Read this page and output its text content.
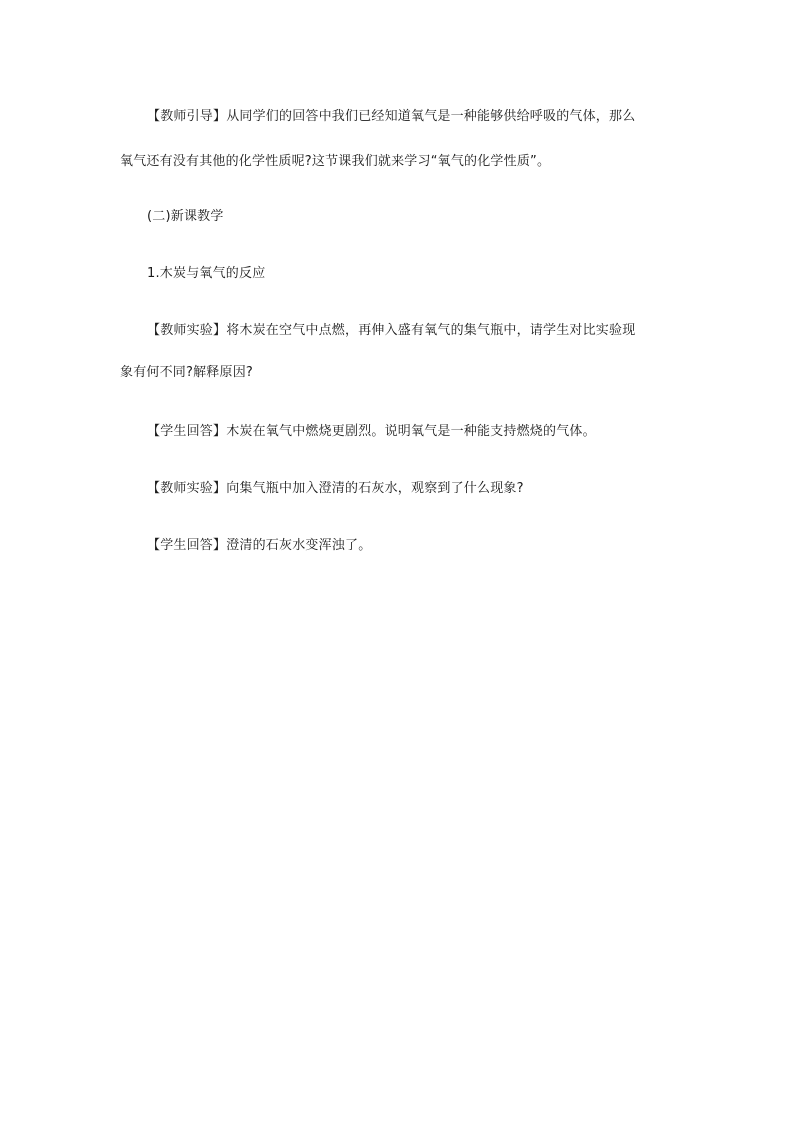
【教师引导】从同学们的回答中我们已经知道氧气是一种能够供给呼吸的气体，那么
氧气还有没有其他的化学性质呢?这节课我们就来学习“氧气的化学性质”。
(二)新课教学
1.木炭与氧气的反应
【教师实验】将木炭在空气中点燃，再伸入盛有氧气的集气瓶中，请学生对比实验现
象有何不同?解释原因?
【学生回答】木炭在氧气中燃烧更剧烈。说明氧气是一种能支持燃烧的气体。
【教师实验】向集气瓶中加入澄清的石灰水，观察到了什么现象?
【学生回答】澄清的石灰水变浑浊了。
